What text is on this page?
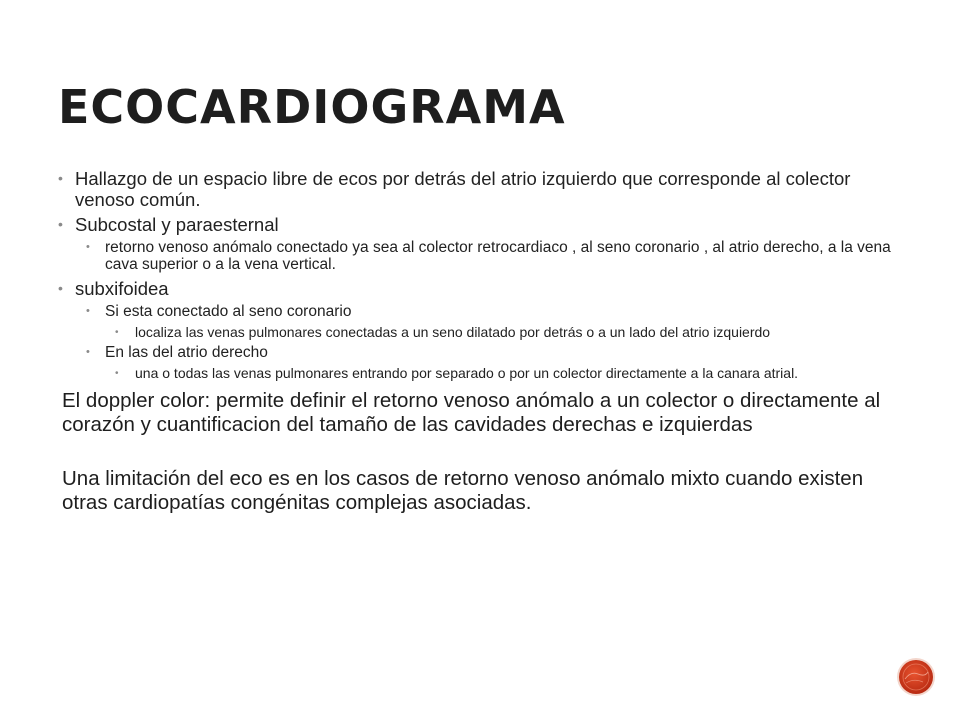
ECOCARDIOGRAMA
• Hallazgo de un espacio libre de ecos por detrás del atrio izquierdo que corresponde al colector venoso común.
• Subcostal y paraesternal
• retorno venoso anómalo conectado ya sea al colector retrocardiaco , al seno coronario , al atrio derecho, a la vena cava superior o a la vena vertical.
• subxifoidea
• Si esta conectado al seno coronario
• localiza las venas pulmonares conectadas a un seno dilatado por detrás o a un lado del atrio izquierdo
• En las del atrio derecho
• una o todas las venas pulmonares entrando por separado o por un colector directamente a la canara atrial.

El doppler color: permite definir el retorno venoso anómalo a un colector o directamente al corazón y cuantificacion del tamaño de las cavidades derechas e izquierdas

Una limitación del eco es en los casos de retorno venoso anómalo mixto cuando existen otras cardiopatías congénitas complejas asociadas.
